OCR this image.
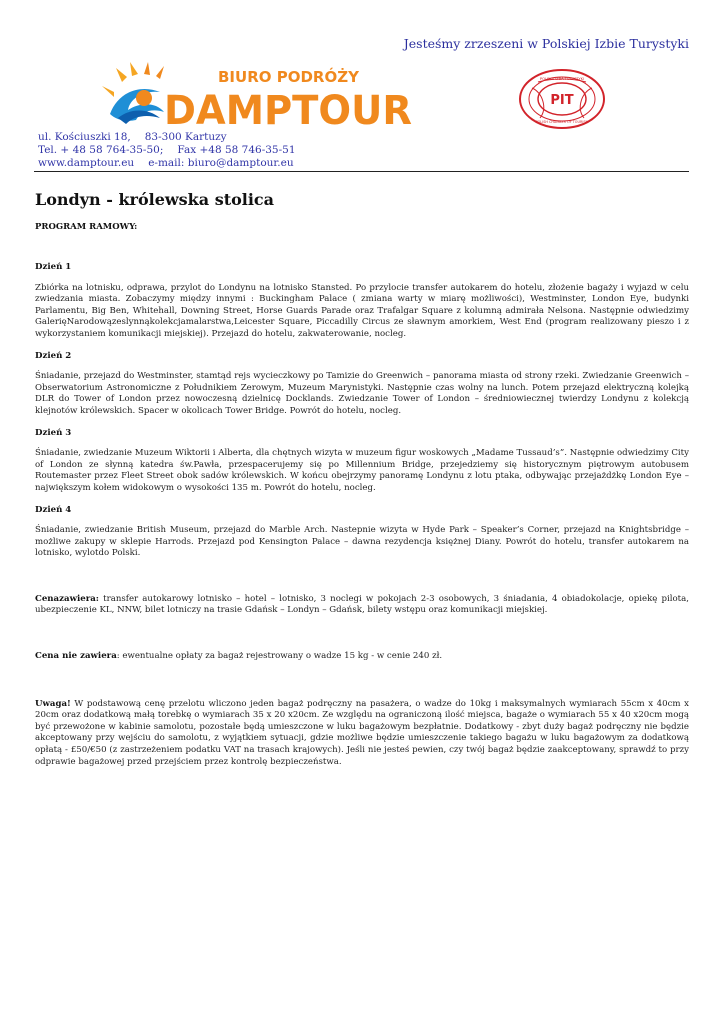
Jesteśmy zrzeszeni w Polskiej Izbie Turystyki
BIURO PODRÓŻY
DAMPTOUR
POLSKA IZBA TURYSTYKI
PIT
POLISH CHAMBER OF TOURISM
ul. Kościuszki 18, 83-300 Kartuzy
Tel. + 48 58 764-35-50; Fax +48 58 746-35-51
www.damptour.eu e-mail: biuro@damptour.eu
Londyn - królewska stolica
PROGRAM RAMOWY:
Dzień 1
Zbiórka na lotnisku, odprawa, przylot do Londynu na lotnisko Stansted. Po przylocie transfer autokarem do hotelu, złożenie bagaży i wyjazd w celu zwiedzania miasta. Zobaczymy między innymi : Buckingham Palace ( zmiana warty w miarę możliwości), Westminster, London Eye, budynki Parlamentu, Big Ben, Whitehall, Downing Street, Horse Guards Parade oraz Trafalgar Square z kolumną admirała Nelsona. Następnie odwiedzimy GalerięNarodowązeslynnąkolekcjamalarstwa,Leicester Square, Piccadilly Circus ze sławnym amorkiem, West End (program realizowany pieszo i z wykorzystaniem komunikacji miejskiej). Przejazd do hotelu, zakwaterowanie, nocleg.
Dzień 2
Śniadanie, przejazd do Westminster, stamtąd rejs wycieczkowy po Tamizie do Greenwich – panorama miasta od strony rzeki. Zwiedzanie Greenwich – Obserwatorium Astronomiczne z Południkiem Zerowym, Muzeum Marynistyki. Następnie czas wolny na lunch. Potem przejazd elektryczną kolejką DLR do Tower of London przez nowoczesną dzielnicę Docklands. Zwiedzanie Tower of London – średniowiecznej twierdzy Londynu z kolekcją klejnotów królewskich. Spacer w okolicach Tower Bridge. Powrót do hotelu, nocleg.
Dzień 3
Śniadanie, zwiedzanie Muzeum Wiktorii i Alberta, dla chętnych wizyta w muzeum figur woskowych „Madame Tussaud’s”. Następnie odwiedzimy City of London ze słynną katedra św.Pawła, przespacerujemy się po Millennium Bridge, przejedziemy się historycznym piętrowym autobusem Routemaster przez Fleet Street obok sadów królewskich. W końcu obejrzymy panoramę Londynu z lotu ptaka, odbywając przejażdżkę London Eye – największym kołem widokowym o wysokości 135 m. Powrót do hotelu, nocleg.
Dzień 4
Śniadanie, zwiedzanie British Museum, przejazd do Marble Arch. Nastepnie wizyta w Hyde Park – Speaker’s Corner, przejazd na Knightsbridge – możliwe zakupy w sklepie Harrods. Przejazd pod Kensington Palace – dawna rezydencja księżnej Diany. Powrót do hotelu, transfer autokarem na lotnisko, wylotdo Polski.
Cenazawiera: transfer autokarowy lotnisko – hotel – lotnisko, 3 noclegi w pokojach 2-3 osobowych, 3 śniadania, 4 obiadokolacje, opiekę pilota, ubezpieczenie KL, NNW, bilet lotniczy na trasie Gdańsk – Londyn – Gdańsk, bilety wstępu oraz komunikacji miejskiej.
Cena nie zawiera: ewentualne opłaty za bagaż rejestrowany o wadze 15 kg - w cenie 240 zł.
Uwaga! W podstawową cenę przelotu wliczono jeden bagaż podręczny na pasażera, o wadze do 10kg i maksymalnych wymiarach 55cm x 40cm x 20cm oraz dodatkową małą torebkę o wymiarach 35 x 20 x20cm. Ze względu na ograniczoną ilość miejsca, bagaże o wymiarach 55 x 40 x20cm mogą być przewożone w kabinie samolotu, pozostałe będą umieszczone w luku bagażowym bezpłatnie. Dodatkowy - zbyt duży bagaż podręczny nie będzie akceptowany przy wejściu do samolotu, z wyjątkiem sytuacji, gdzie możliwe będzie umieszczenie takiego bagażu w luku bagażowym za dodatkową opłatą - £50/€50 (z zastrzeżeniem podatku VAT na trasach krajowych). Jeśli nie jesteś pewien, czy twój bagaż będzie zaakceptowany, sprawdź to przy odprawie bagażowej przed przejściem przez kontrolę bezpieczeństwa.
